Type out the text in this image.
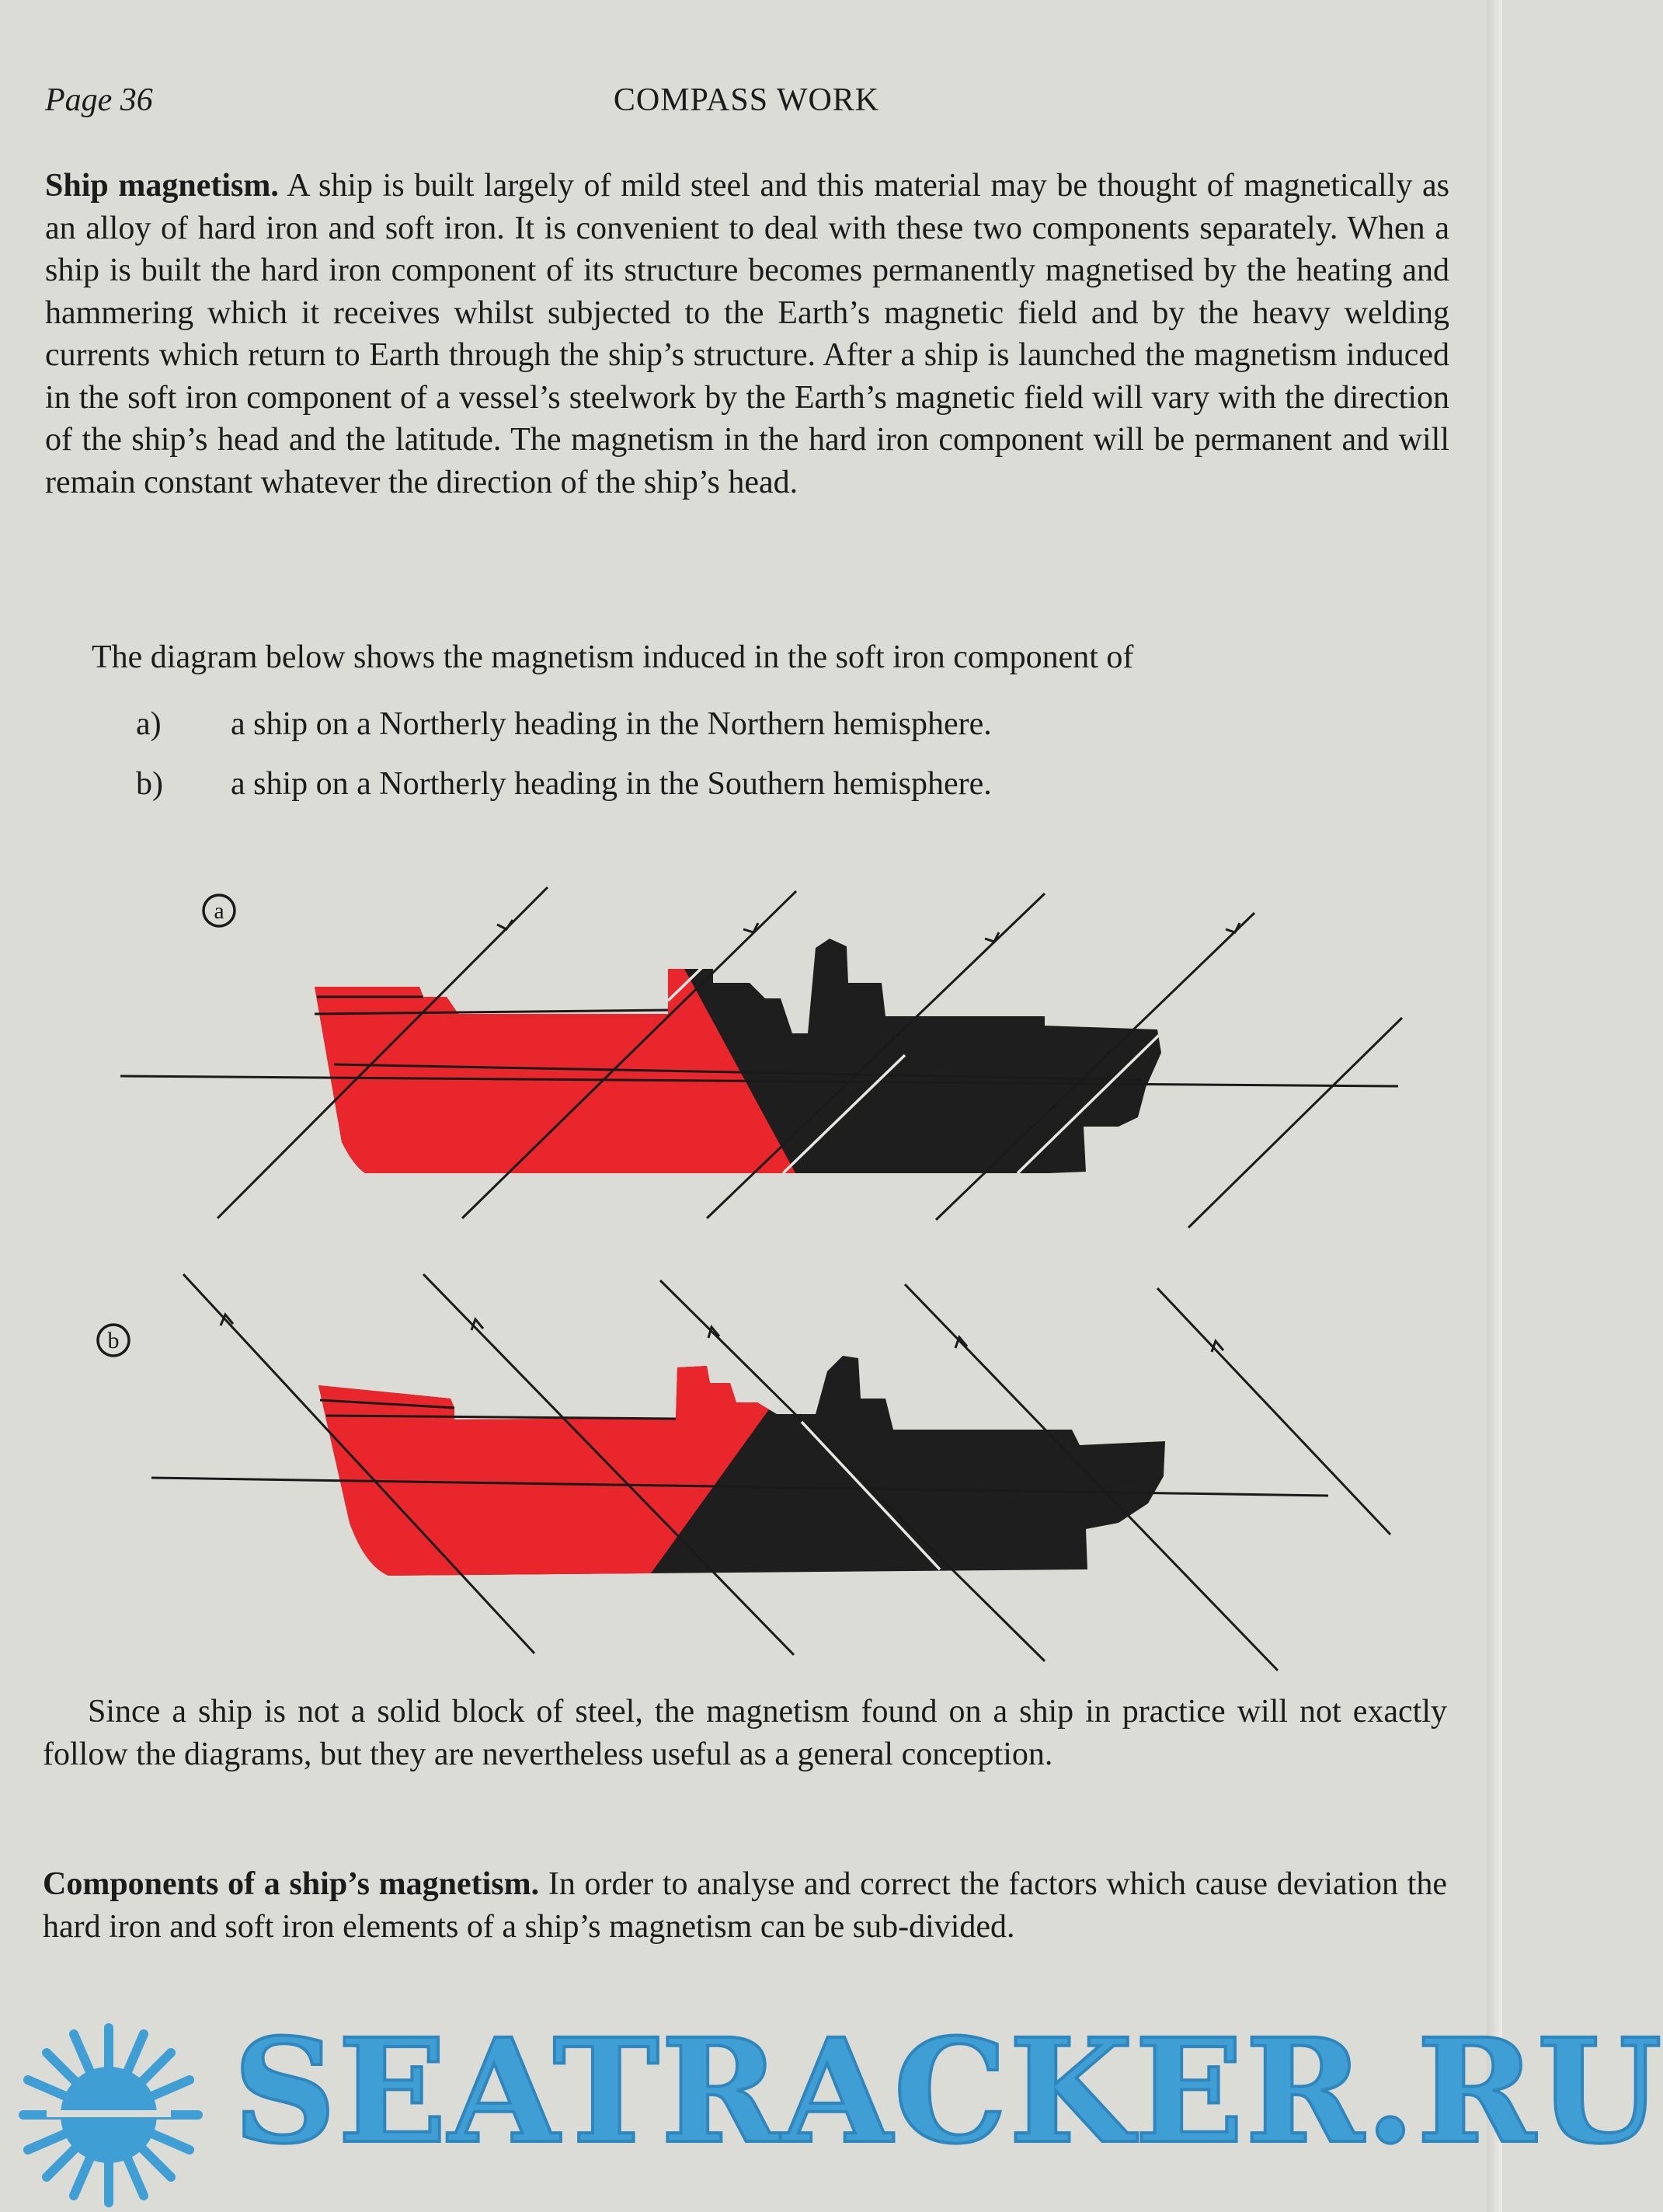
Page 36	COMPASS WORK

Ship magnetism. A ship is built largely of mild steel and this material may be thought of magnetically as an alloy of hard iron and soft iron. It is convenient to deal with these two components separately. When a ship is built the hard iron component of its structure becomes permanently magnetised by the heating and hammering which it receives whilst subjected to the Earth’s magnetic field and by the heavy welding currents which return to Earth through the ship’s structure. After a ship is launched the magnetism induced in the soft iron component of a vessel’s steelwork by the Earth’s magnetic field will vary with the direction of the ship’s head and the latitude. The magnetism in the hard iron component will be permanent and will remain constant whatever the direction of the ship’s head.

The diagram below shows the magnetism induced in the soft iron component of
a) a ship on a Northerly heading in the Northern hemisphere.
b) a ship on a Northerly heading in the Southern hemisphere.
a
b

Since a ship is not a solid block of steel, the magnetism found on a ship in practice will not exactly follow the diagrams, but they are nevertheless useful as a general conception.

Components of a ship’s magnetism. In order to analyse and correct the factors which cause deviation the hard iron and soft iron elements of a ship’s magnetism can be sub-divided.

SEATRACKER.RU
